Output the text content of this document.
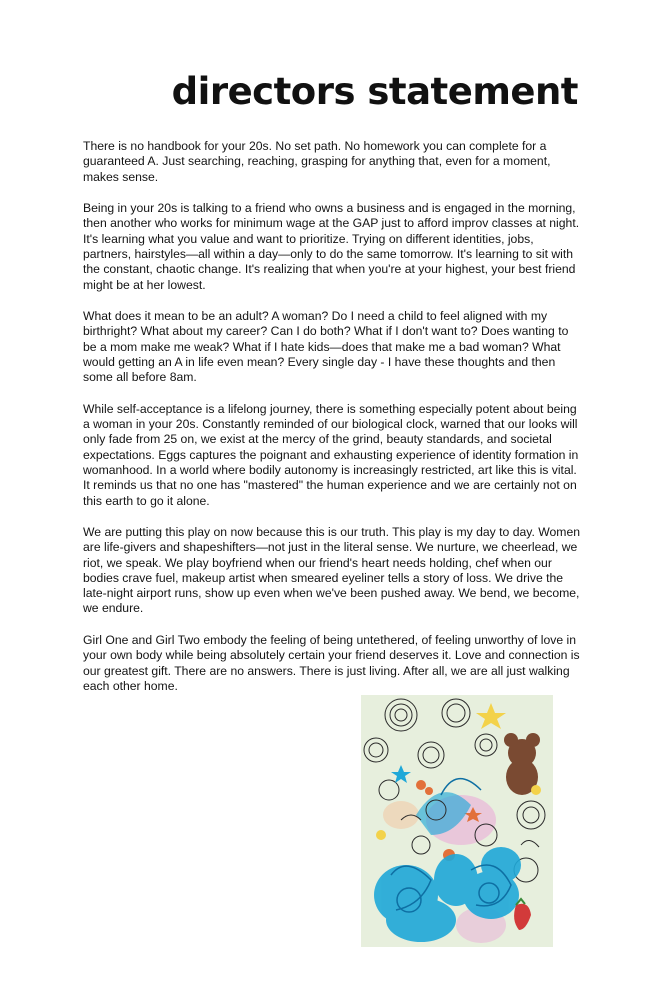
directors statement

There is no handbook for your 20s. No set path. No homework you can complete for a guaranteed A. Just searching, reaching, grasping for anything that, even for a moment, makes sense.

Being in your 20s is talking to a friend who owns a business and is engaged in the morning, then another who works for minimum wage at the GAP just to afford improv classes at night. It's learning what you value and want to prioritize. Trying on different identities, jobs, partners, hairstyles—all within a day—only to do the same tomorrow. It's learning to sit with the constant, chaotic change. It's realizing that when you're at your highest, your best friend might be at her lowest.

What does it mean to be an adult? A woman? Do I need a child to feel aligned with my birthright? What about my career? Can I do both? What if I don't want to? Does wanting to be a mom make me weak? What if I hate kids—does that make me a bad woman? What would getting an A in life even mean? Every single day - I have these thoughts and then some all before 8am.

While self-acceptance is a lifelong journey, there is something especially potent about being a woman in your 20s. Constantly reminded of our biological clock, warned that our looks will only fade from 25 on, we exist at the mercy of the grind, beauty standards, and societal expectations. Eggs captures the poignant and exhausting experience of identity formation in womanhood. In a world where bodily autonomy is increasingly restricted, art like this is vital. It reminds us that no one has "mastered" the human experience and we are certainly not on this earth to go it alone.

We are putting this play on now because this is our truth. This play is my day to day. Women are life-givers and shapeshifters—not just in the literal sense. We nurture, we cheerlead, we riot, we speak. We play boyfriend when our friend's heart needs holding, chef when our bodies crave fuel, makeup artist when smeared eyeliner tells a story of loss. We drive the late-night airport runs, show up even when we've been pushed away. We bend, we become, we endure.

Girl One and Girl Two embody the feeling of being untethered, of feeling unworthy of love in your own body while being absolutely certain your friend deserves it. Love and connection is our greatest gift. There are no answers. There is just living. After all, we are all just walking each other home.
